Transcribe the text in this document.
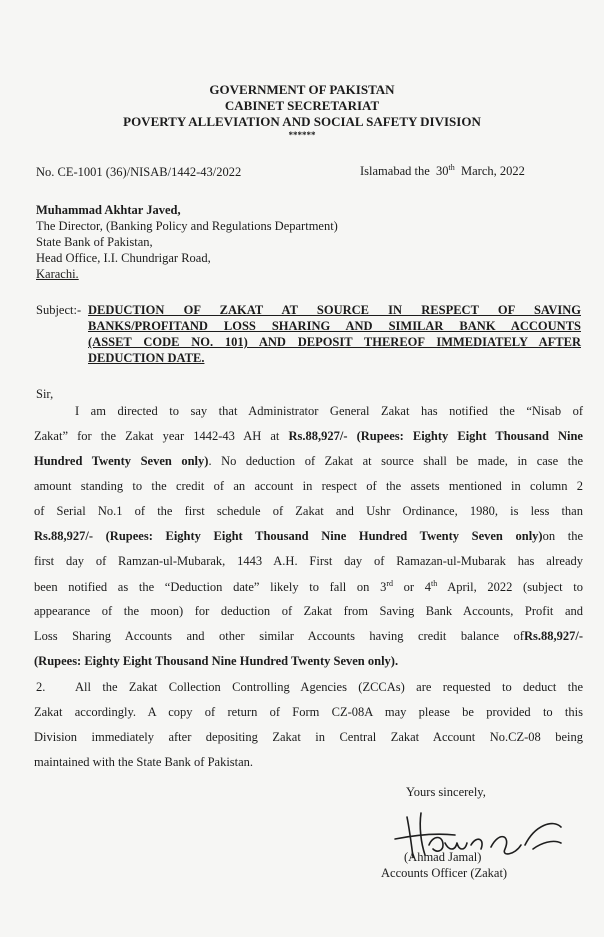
GOVERNMENT OF PAKISTAN
CABINET SECRETARIAT
POVERTY ALLEVIATION AND SOCIAL SAFETY DIVISION
******
No. CE-1001 (36)/NISAB/1442-43/2022	Islamabad the 30th March, 2022
Muhammad Akhtar Javed,
The Director, (Banking Policy and Regulations Department)
State Bank of Pakistan,
Head Office, I.I. Chundrigar Road,
Karachi.
Subject:- DEDUCTION OF ZAKAT AT SOURCE IN RESPECT OF SAVING
BANKS/PROFITAND LOSS SHARING AND SIMILAR BANK ACCOUNTS
(ASSET CODE NO. 101) AND DEPOSIT THEREOF IMMEDIATELY AFTER
DEDUCTION DATE.
Sir,
I am directed to say that Administrator General Zakat has notified the “Nisab of
Zakat” for the Zakat year 1442-43 AH at Rs.88,927/- (Rupees: Eighty Eight Thousand Nine
Hundred Twenty Seven only). No deduction of Zakat at source shall be made, in case the
amount standing to the credit of an account in respect of the assets mentioned in column 2
of Serial No.1 of the first schedule of Zakat and Ushr Ordinance, 1980, is less than
Rs.88,927/- (Rupees: Eighty Eight Thousand Nine Hundred Twenty Seven only)on the
first day of Ramzan-ul-Mubarak, 1443 A.H. First day of Ramazan-ul-Mubarak has already
been notified as the “Deduction date” likely to fall on 3rd or 4th April, 2022 (subject to
appearance of the moon) for deduction of Zakat from Saving Bank Accounts, Profit and
Loss Sharing Accounts and other similar Accounts having credit balance ofRs.88,927/-
(Rupees: Eighty Eight Thousand Nine Hundred Twenty Seven only).
2. All the Zakat Collection Controlling Agencies (ZCCAs) are requested to deduct the
Zakat accordingly. A copy of return of Form CZ-08A may please be provided to this
Division immediately after depositing Zakat in Central Zakat Account No.CZ-08 being
maintained with the State Bank of Pakistan.
Yours sincerely,
(Ahmad Jamal)
Accounts Officer (Zakat)
